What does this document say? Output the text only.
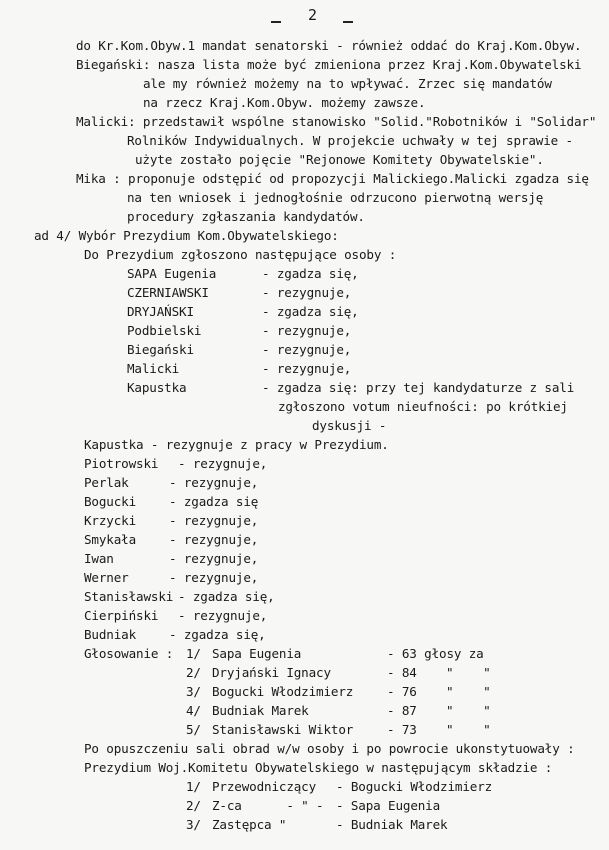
2
do Kr.Kom.Obyw.1 mandat senatorski - również oddać do Kraj.Kom.Obyw.
Biegański: nasza lista może być zmieniona przez Kraj.Kom.Obywatelski
ale my również możemy na to wpływać. Zrzec się mandatów
na rzecz Kraj.Kom.Obyw. możemy zawsze.
Malicki: przedstawił wspólne stanowisko "Solid."Robotników i "Solidar"
Rolników Indywidualnych. W projekcie uchwały w tej sprawie -
użyte zostało pojęcie "Rejonowe Komitety Obywatelskie".
Mika : proponuje odstępić od propozycji Malickiego.Malicki zgadza się
na ten wniosek i jednogłośnie odrzucono pierwotną wersję
procedury zgłaszania kandydatów.
ad 4/ Wybór Prezydium Kom.Obywatelskiego:
Do Prezydium zgłoszono następujące osoby :
SAPA Eugenia	- zgadza się,
CZERNIAWSKI	- rezygnuje,
DRYJAŃSKI	- zgadza się,
Podbielski	- rezygnuje,
Biegański	- rezygnuje,
Malicki	- rezygnuje,
Kapustka	- zgadza się: przy tej kandydaturze z sali
zgłoszono votum nieufności: po krótkiej
dyskusji -
Kapustka - rezygnuje z pracy w Prezydium.
Piotrowski - rezygnuje,
Perlak	- rezygnuje,
Bogucki	- zgadza się
Krzycki	- rezygnuje,
Smykała	- rezygnuje,
Iwan	- rezygnuje,
Werner	- rezygnuje,
Stanisławski - zgadza się,
Cierpiński - rezygnuje,
Budniak	- zgadza się,
Głosowanie : 1/ Sapa Eugenia	- 63 głosy za
2/ Dryjański Ignacy	- 84 "    "
3/ Bogucki Włodzimierz	- 76 "    "
4/ Budniak Marek	- 87 "    "
5/ Stanisławski Wiktor	- 73 "    "
Po opuszczeniu sali obrad w/w osoby i po powrocie ukonstytuowały :
Prezydium Woj.Komitetu Obywatelskiego w następującym składzie :
1/ Przewodniczący - Bogucki Włodzimierz
2/ Z-ca      - " - - Sapa Eugenia
3/ Zastępca "	- Budniak Marek
